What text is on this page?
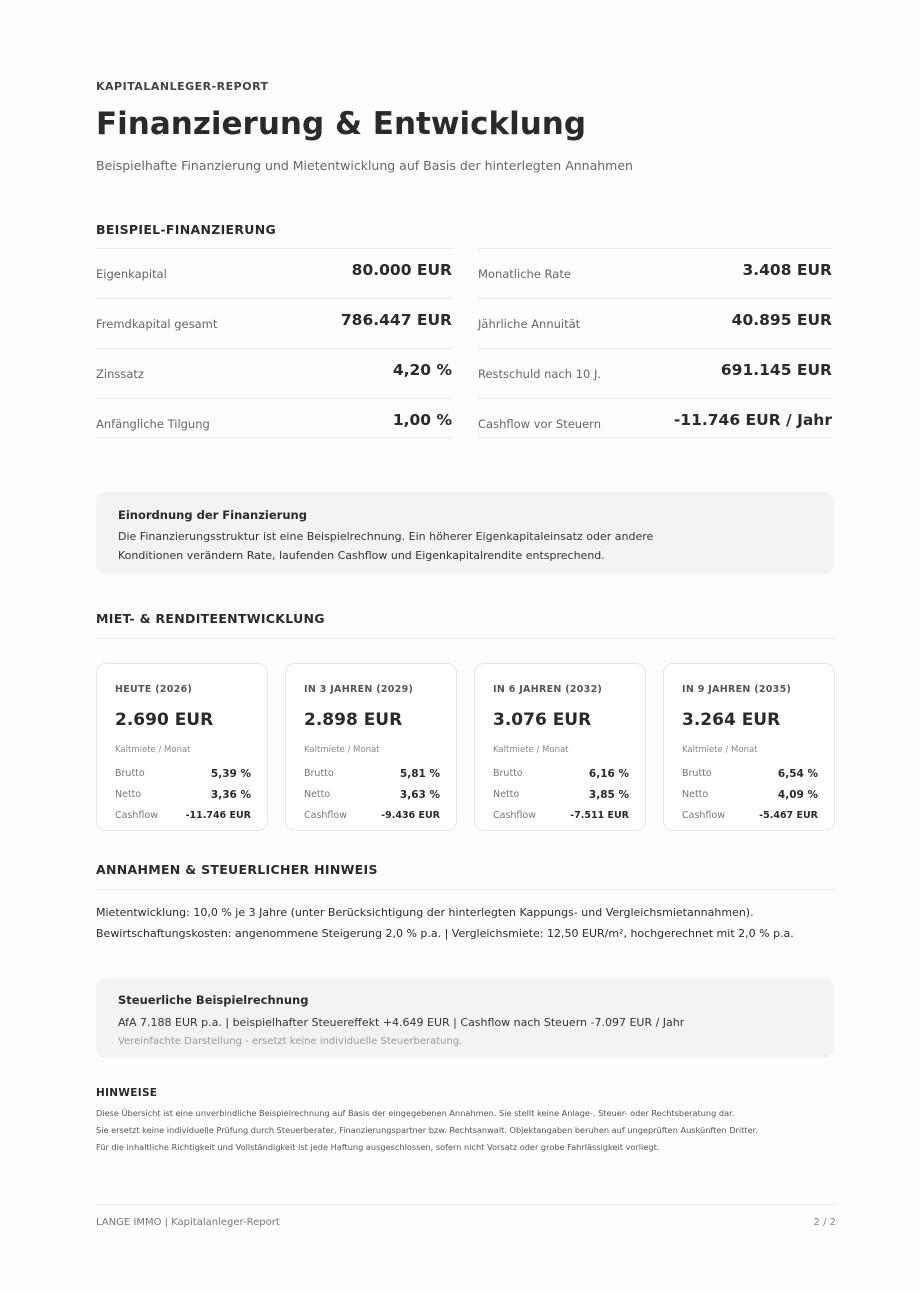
KAPITALANLEGER-REPORT
Finanzierung & Entwicklung
Beispielhafte Finanzierung und Mietentwicklung auf Basis der hinterlegten Annahmen
BEISPIEL-FINANZIERUNG
Eigenkapital	80.000 EUR
Fremdkapital gesamt	786.447 EUR
Zinssatz	4,20 %
Anfängliche Tilgung	1,00 %
Monatliche Rate	3.408 EUR
Jährliche Annuität	40.895 EUR
Restschuld nach 10 J.	691.145 EUR
Cashflow vor Steuern	-11.746 EUR / Jahr
Einordnung der Finanzierung
Die Finanzierungsstruktur ist eine Beispielrechnung. Ein höherer Eigenkapitaleinsatz oder andere
Konditionen verändern Rate, laufenden Cashflow und Eigenkapitalrendite entsprechend.
MIET- & RENDITEENTWICKLUNG
HEUTE (2026)
2.690 EUR
Kaltmiete / Monat
Brutto	5,39 %
Netto	3,36 %
Cashflow	-11.746 EUR
IN 3 JAHREN (2029)
2.898 EUR
Kaltmiete / Monat
Brutto	5,81 %
Netto	3,63 %
Cashflow	-9.436 EUR
IN 6 JAHREN (2032)
3.076 EUR
Kaltmiete / Monat
Brutto	6,16 %
Netto	3,85 %
Cashflow	-7.511 EUR
IN 9 JAHREN (2035)
3.264 EUR
Kaltmiete / Monat
Brutto	6,54 %
Netto	4,09 %
Cashflow	-5.467 EUR
ANNAHMEN & STEUERLICHER HINWEIS
Mietentwicklung: 10,0 % je 3 Jahre (unter Berücksichtigung der hinterlegten Kappungs- und Vergleichsmietannahmen).
Bewirtschaftungskosten: angenommene Steigerung 2,0 % p.a. | Vergleichsmiete: 12,50 EUR/m², hochgerechnet mit 2,0 % p.a.
Steuerliche Beispielrechnung
AfA 7.188 EUR p.a. | beispielhafter Steuereffekt +4.649 EUR | Cashflow nach Steuern -7.097 EUR / Jahr
Vereinfachte Darstellung - ersetzt keine individuelle Steuerberatung.
HINWEISE
Diese Übersicht ist eine unverbindliche Beispielrechnung auf Basis der eingegebenen Annahmen. Sie stellt keine Anlage-, Steuer- oder Rechtsberatung dar.
Sie ersetzt keine individuelle Prüfung durch Steuerberater, Finanzierungspartner bzw. Rechtsanwalt. Objektangaben beruhen auf ungeprüften Auskünften Dritter.
Für die inhaltliche Richtigkeit und Vollständigkeit ist jede Haftung ausgeschlossen, sofern nicht Vorsatz oder grobe Fahrlässigkeit vorliegt.
LANGE IMMO | Kapitalanleger-Report	2 / 2
